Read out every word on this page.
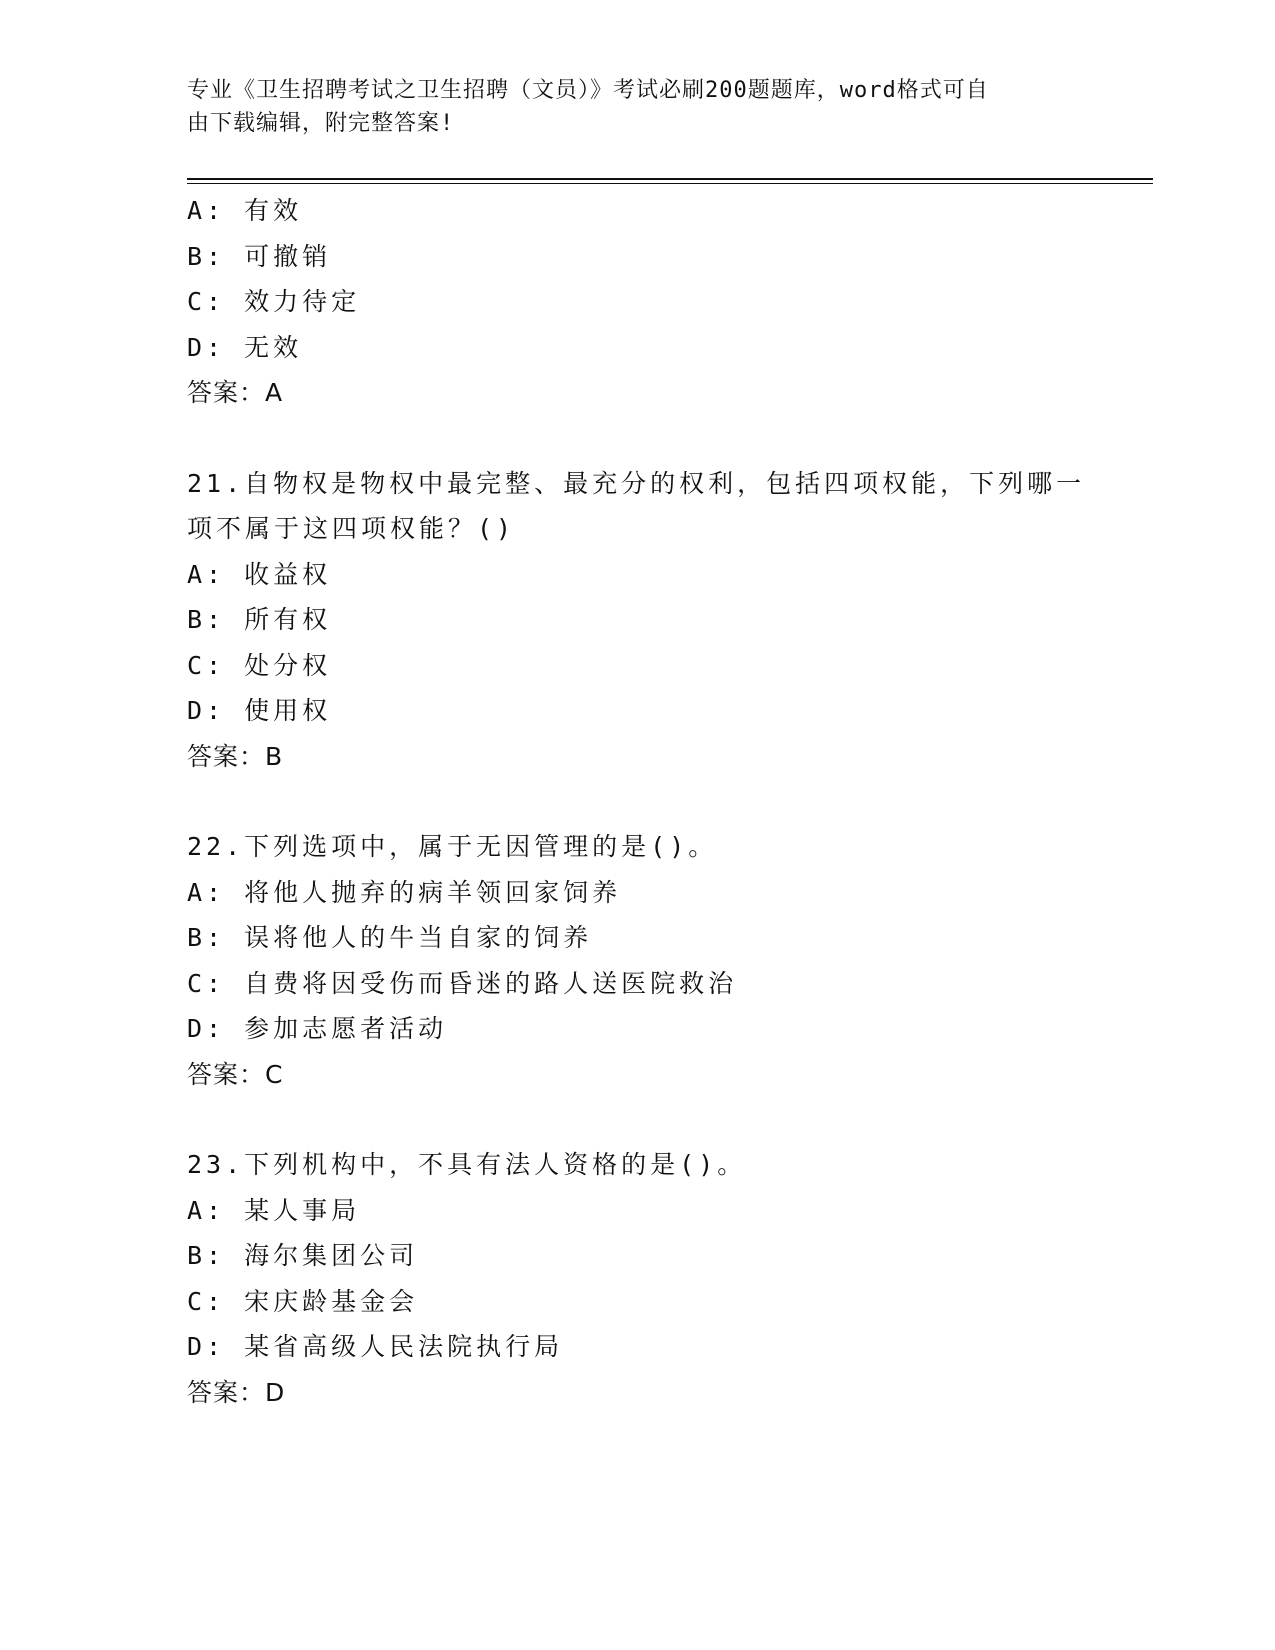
专业《卫生招聘考试之卫生招聘（文员）》考试必刷200题题库，word格式可自
由下载编辑，附完整答案!
A: 有效
B: 可撤销
C: 效力待定
D: 无效
答案：A
21.自物权是物权中最完整、最充分的权利，包括四项权能，下列哪一
项不属于这四项权能？()
A: 收益权
B: 所有权
C: 处分权
D: 使用权
答案：B
22.下列选项中，属于无因管理的是()。
A: 将他人抛弃的病羊领回家饲养
B: 误将他人的牛当自家的饲养
C: 自费将因受伤而昏迷的路人送医院救治
D: 参加志愿者活动
答案：C
23.下列机构中，不具有法人资格的是()。
A: 某人事局
B: 海尔集团公司
C: 宋庆龄基金会
D: 某省高级人民法院执行局
答案：D
